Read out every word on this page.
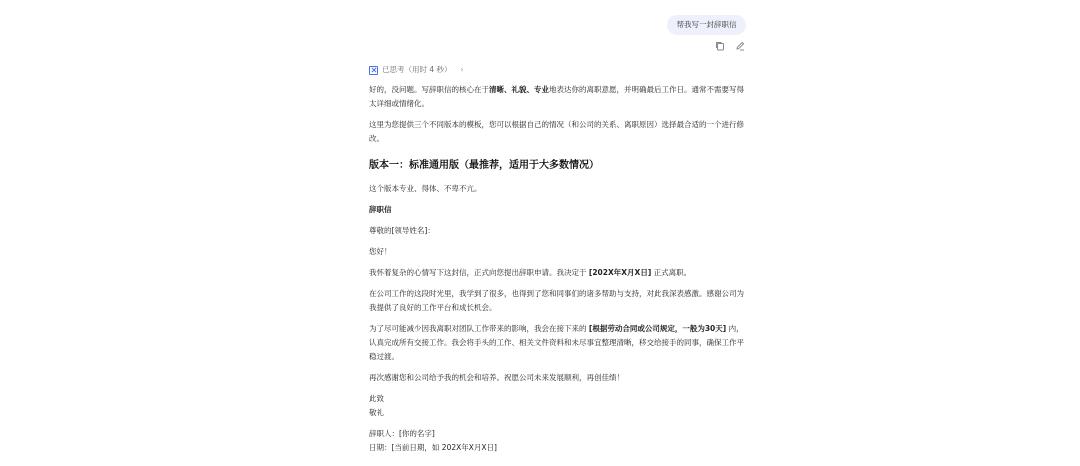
帮我写一封辞职信
已思考（用时 4 秒） ›

好的，没问题。写辞职信的核心在于清晰、礼貌、专业地表达你的离职意愿，并明确最后工作日。通常不需要写得太详细或情绪化。

这里为您提供三个不同版本的模板，您可以根据自己的情况（和公司的关系、离职原因）选择最合适的一个进行修改。

版本一：标准通用版（最推荐，适用于大多数情况）

这个版本专业、得体、不卑不亢。

辞职信

尊敬的[领导姓名]：

您好！

我怀着复杂的心情写下这封信，正式向您提出辞职申请。我决定于 [202X年X月X日] 正式离职。

在公司工作的这段时光里，我学到了很多，也得到了您和同事们的诸多帮助与支持，对此我深表感激。感谢公司为我提供了良好的工作平台和成长机会。

为了尽可能减少因我离职对团队工作带来的影响，我会在接下来的 [根据劳动合同或公司规定，一般为30天] 内，认真完成所有交接工作。我会将手头的工作、相关文件资料和未尽事宜整理清晰，移交给接手的同事，确保工作平稳过渡。

再次感谢您和公司给予我的机会和培养。祝愿公司未来发展顺利，再创佳绩！

此致

敬礼

辞职人：[你的名字]

日期：[当前日期，如 202X年X月X日]
